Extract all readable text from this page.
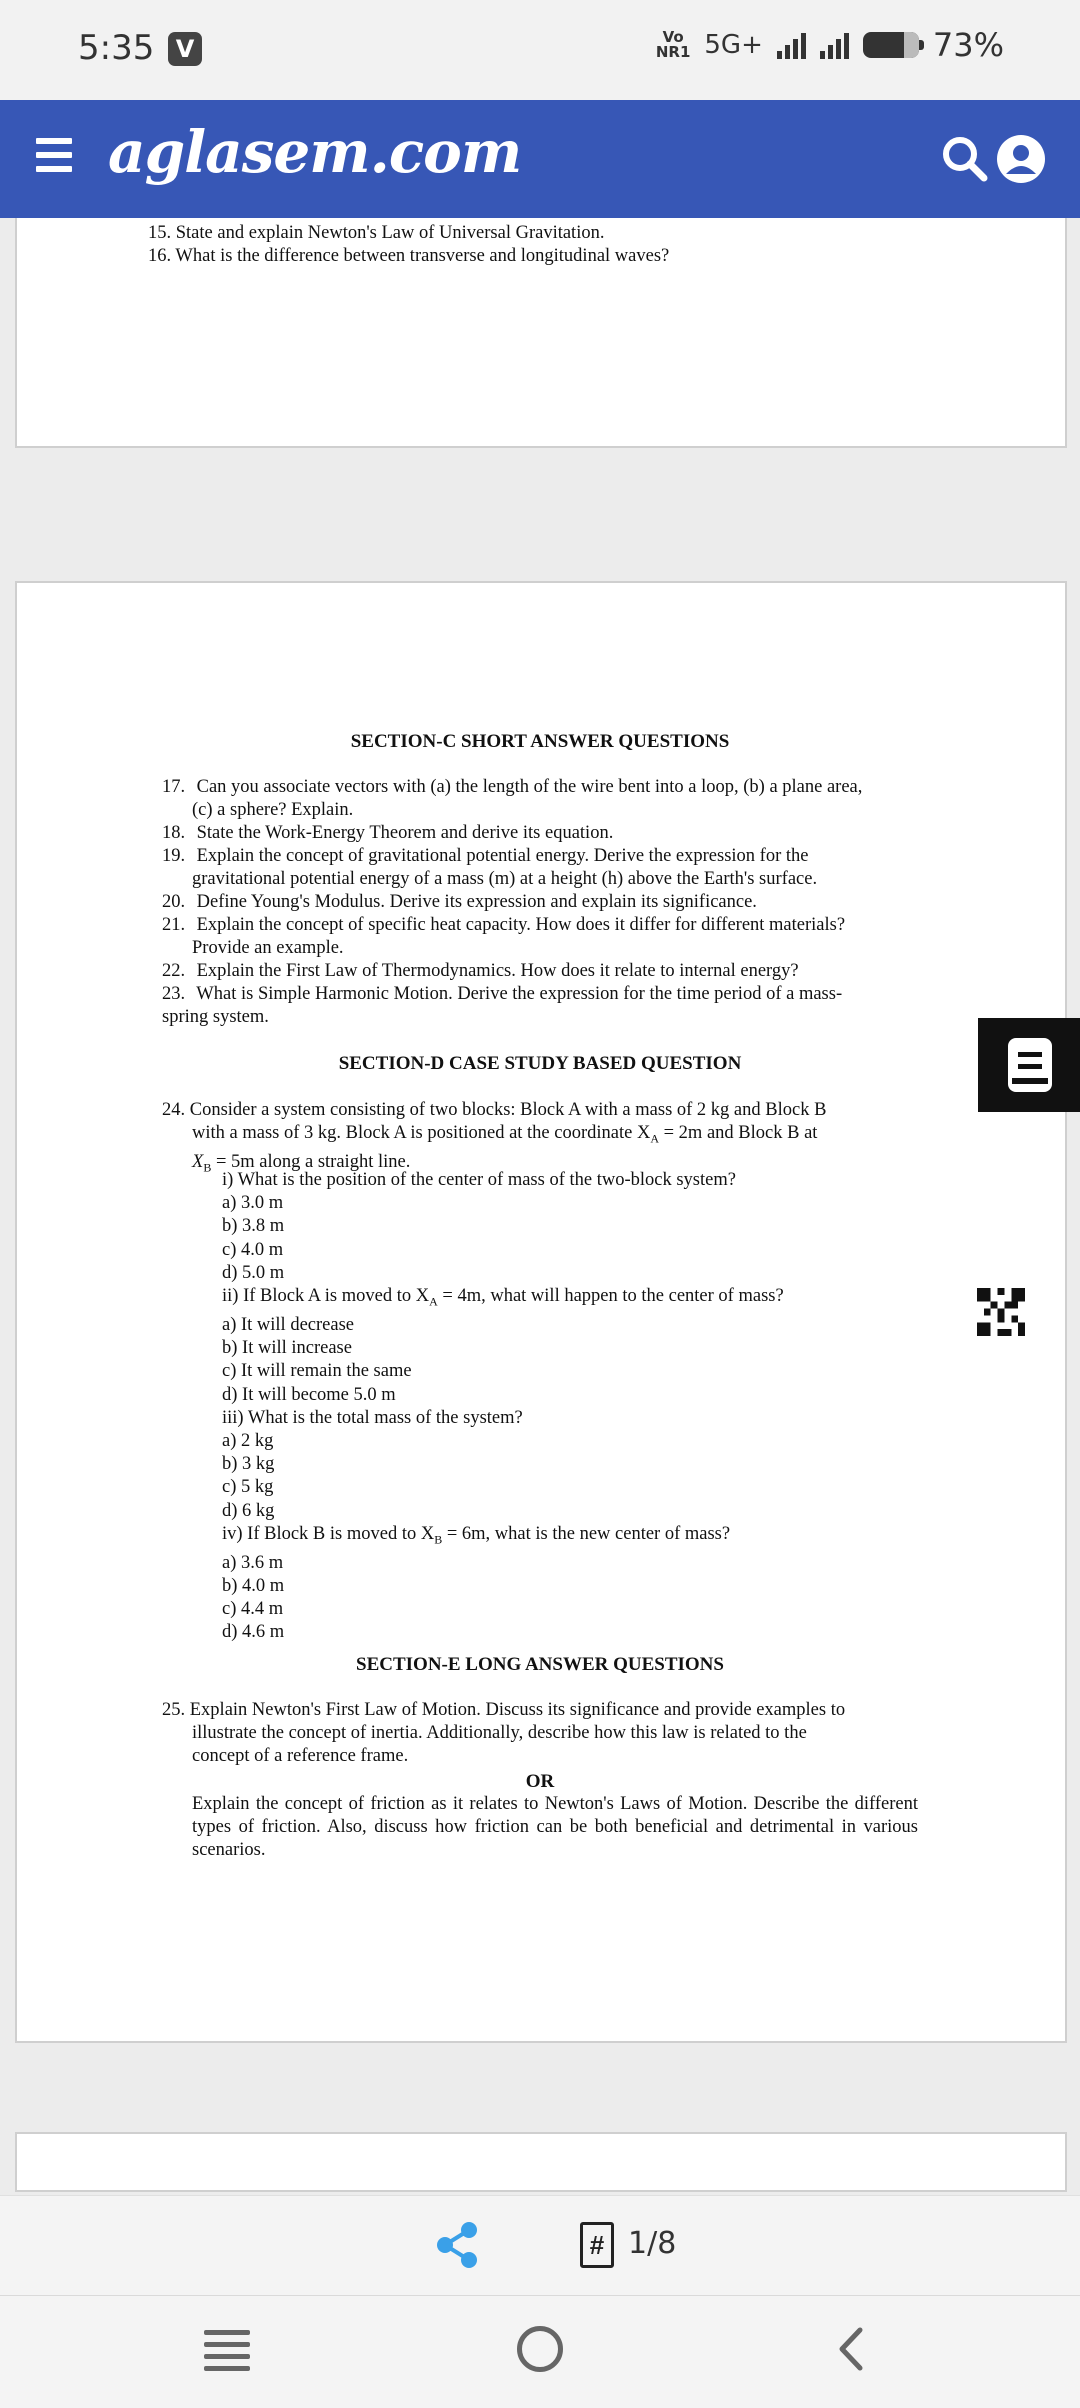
5:35 V	Vo
NR1 5G+	73%
aglasem.com
15. State and explain Newton's Law of Universal Gravitation.
16. What is the difference between transverse and longitudinal waves?
SECTION-C SHORT ANSWER QUESTIONS
17. Can you associate vectors with (a) the length of the wire bent into a loop, (b) a plane area,
(c) a sphere? Explain.
18. State the Work-Energy Theorem and derive its equation.
19. Explain the concept of gravitational potential energy. Derive the expression for the
gravitational potential energy of a mass (m) at a height (h) above the Earth's surface.
20. Define Young's Modulus. Derive its expression and explain its significance.
21. Explain the concept of specific heat capacity. How does it differ for different materials?
Provide an example.
22. Explain the First Law of Thermodynamics. How does it relate to internal energy?
23. What is Simple Harmonic Motion. Derive the expression for the time period of a mass-
spring system.
SECTION-D CASE STUDY BASED QUESTION
24. Consider a system consisting of two blocks: Block A with a mass of 2 kg and Block B
with a mass of 3 kg. Block A is positioned at the coordinate $X_A = 2m$ and Block B at
$X_B = 5m$ along a straight line.
i) What is the position of the center of mass of the two-block system?
a) 3.0 m
b) 3.8 m
c) 4.0 m
d) 5.0 m
ii) If Block A is moved to $X_A = 4m$, what will happen to the center of mass?
a) It will decrease
b) It will increase
c) It will remain the same
d) It will become 5.0 m
iii) What is the total mass of the system?
a) 2 kg
b) 3 kg
c) 5 kg
d) 6 kg
iv) If Block B is moved to $X_B = 6m$, what is the new center of mass?
a) 3.6 m
b) 4.0 m
c) 4.4 m
d) 4.6 m
SECTION-E LONG ANSWER QUESTIONS
25. Explain Newton's First Law of Motion. Discuss its significance and provide examples to
illustrate the concept of inertia. Additionally, describe how this law is related to the
concept of a reference frame.
OR
Explain the concept of friction as it relates to Newton's Laws of Motion. Describe the different types of friction. Also, discuss how friction can be both beneficial and detrimental in various scenarios.
# 1/8
